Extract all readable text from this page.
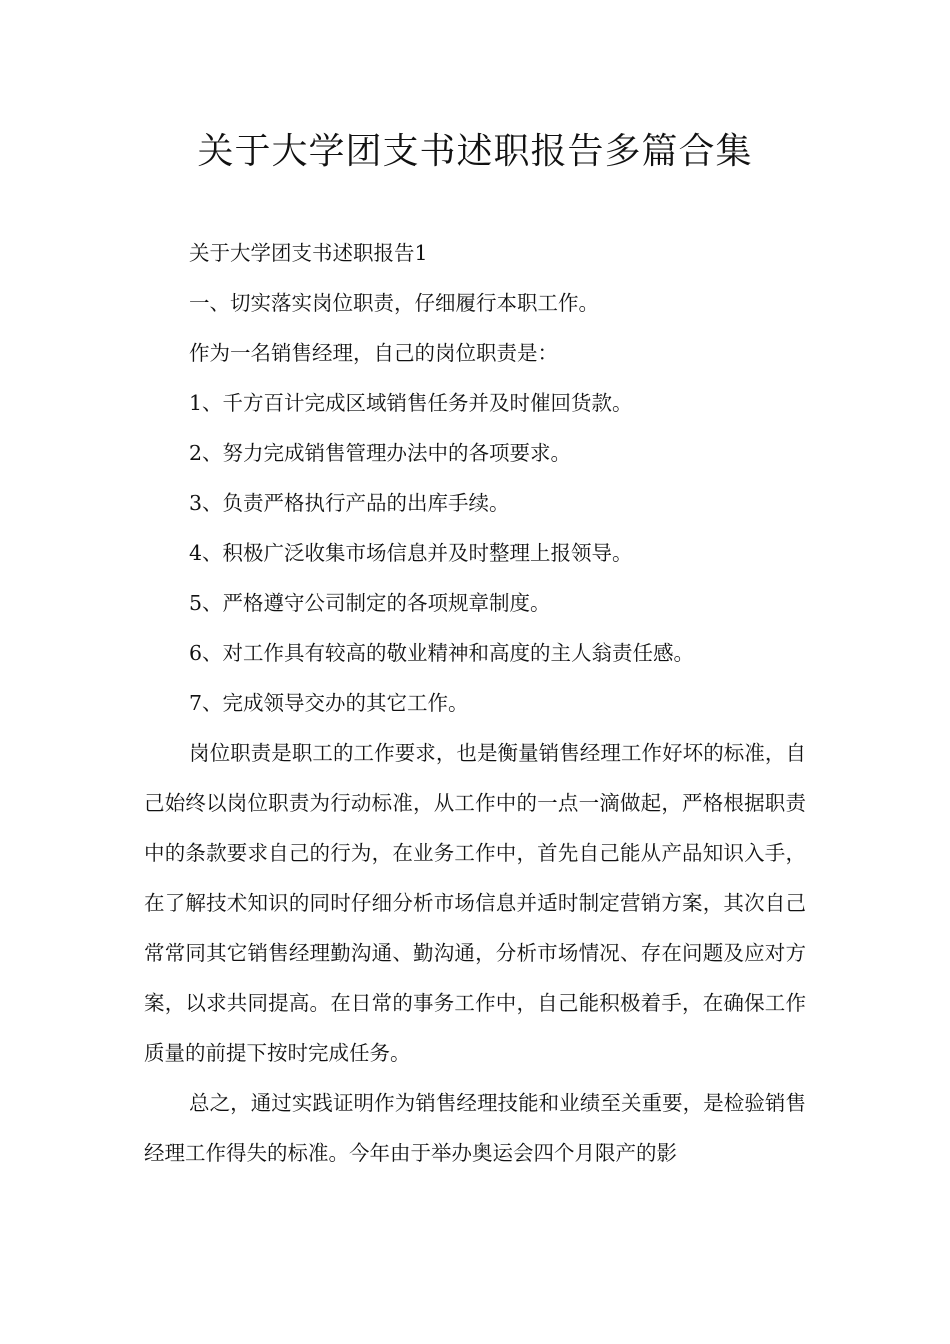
关于大学团支书述职报告多篇合集

关于大学团支书述职报告1

一、切实落实岗位职责，仔细履行本职工作。

作为一名销售经理，自己的岗位职责是：

1、千方百计完成区域销售任务并及时催回货款。

2、努力完成销售管理办法中的各项要求。

3、负责严格执行产品的出库手续。

4、积极广泛收集市场信息并及时整理上报领导。

5、严格遵守公司制定的各项规章制度。

6、对工作具有较高的敬业精神和高度的主人翁责任感。

7、完成领导交办的其它工作。

岗位职责是职工的工作要求，也是衡量销售经理工作好坏的标准，自己始终以岗位职责为行动标准，从工作中的一点一滴做起，严格根据职责中的条款要求自己的行为，在业务工作中，首先自己能从产品知识入手，在了解技术知识的同时仔细分析市场信息并适时制定营销方案，其次自己常常同其它销售经理勤沟通、勤沟通，分析市场情况、存在问题及应对方案，以求共同提高。在日常的事务工作中，自己能积极着手，在确保工作质量的前提下按时完成任务。

总之，通过实践证明作为销售经理技能和业绩至关重要，是检验销售经理工作得失的标准。今年由于举办奥运会四个月限产的影
